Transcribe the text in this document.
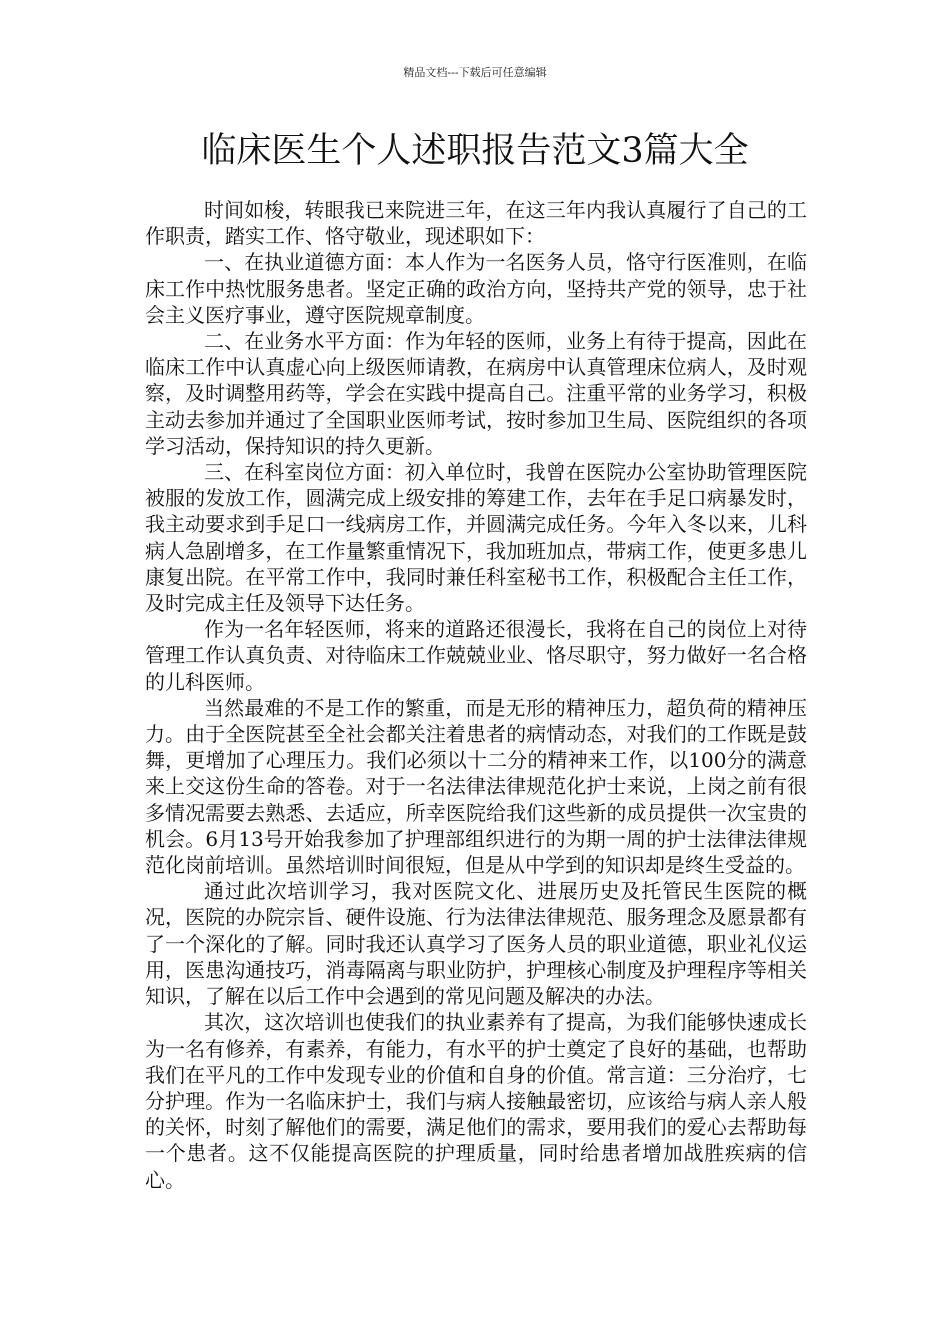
精品文档---下载后可任意编辑
临床医生个人述职报告范文3篇大全

时间如梭，转眼我已来院进三年，在这三年内我认真履行了自己的工作职责，踏实工作、恪守敬业，现述职如下：

一、在执业道德方面：本人作为一名医务人员，恪守行医准则，在临床工作中热忱服务患者。坚定正确的政治方向，坚持共产党的领导，忠于社会主义医疗事业，遵守医院规章制度。

二、在业务水平方面：作为年轻的医师，业务上有待于提高，因此在临床工作中认真虚心向上级医师请教，在病房中认真管理床位病人，及时观察，及时调整用药等，学会在实践中提高自己。注重平常的业务学习，积极主动去参加并通过了全国职业医师考试，按时参加卫生局、医院组织的各项学习活动，保持知识的持久更新。

三、在科室岗位方面：初入单位时，我曾在医院办公室协助管理医院被服的发放工作，圆满完成上级安排的筹建工作，去年在手足口病暴发时，我主动要求到手足口一线病房工作，并圆满完成任务。今年入冬以来，儿科病人急剧增多，在工作量繁重情况下，我加班加点，带病工作，使更多患儿康复出院。在平常工作中，我同时兼任科室秘书工作，积极配合主任工作，及时完成主任及领导下达任务。

作为一名年轻医师，将来的道路还很漫长，我将在自己的岗位上对待管理工作认真负责、对待临床工作兢兢业业、恪尽职守，努力做好一名合格的儿科医师。

当然最难的不是工作的繁重，而是无形的精神压力，超负荷的精神压力。由于全医院甚至全社会都关注着患者的病情动态，对我们的工作既是鼓舞，更增加了心理压力。我们必须以十二分的精神来工作，以100分的满意来上交这份生命的答卷。对于一名法律法律规范化护士来说，上岗之前有很多情况需要去熟悉、去适应，所幸医院给我们这些新的成员提供一次宝贵的机会。6月13号开始我参加了护理部组织进行的为期一周的护士法律法律规范化岗前培训。虽然培训时间很短，但是从中学到的知识却是终生受益的。

通过此次培训学习，我对医院文化、进展历史及托管民生医院的概况，医院的办院宗旨、硬件设施、行为法律法律规范、服务理念及愿景都有了一个深化的了解。同时我还认真学习了医务人员的职业道德，职业礼仪运用，医患沟通技巧，消毒隔离与职业防护，护理核心制度及护理程序等相关知识，了解在以后工作中会遇到的常见问题及解决的办法。

其次，这次培训也使我们的执业素养有了提高，为我们能够快速成长为一名有修养，有素养，有能力，有水平的护士奠定了良好的基础，也帮助我们在平凡的工作中发现专业的价值和自身的价值。常言道：三分治疗，七分护理。作为一名临床护士，我们与病人接触最密切，应该给与病人亲人般的关怀，时刻了解他们的需要，满足他们的需求，要用我们的爱心去帮助每一个患者。这不仅能提高医院的护理质量，同时给患者增加战胜疾病的信心。
